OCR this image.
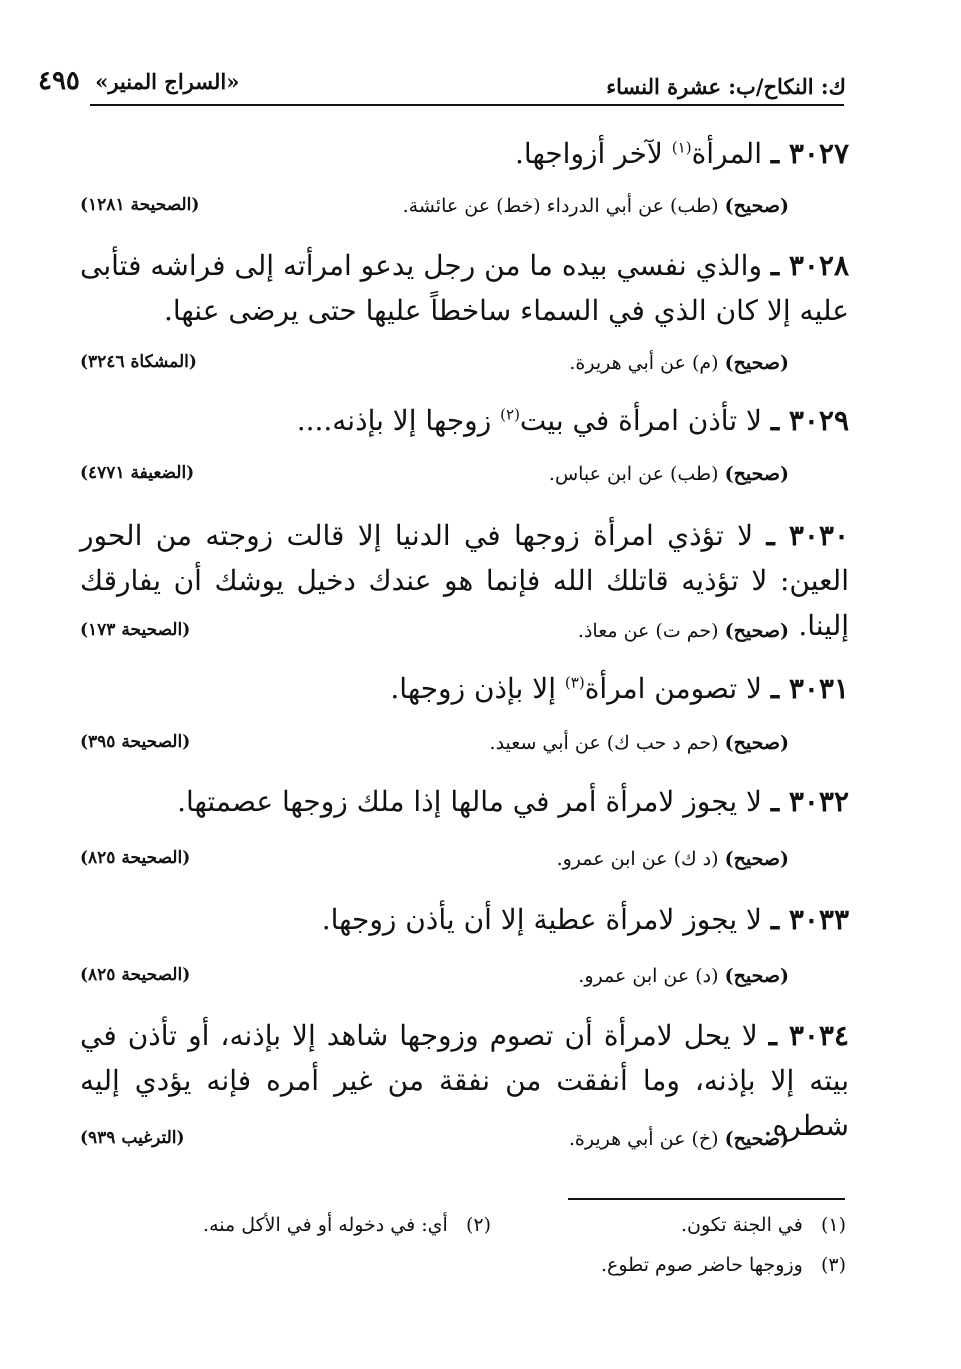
ك: النكاح/ب: عشرة النساء
«السراج المنير» ٤٩٥
٣٠٢٧ ـ المرأة$^{(١)}$ لآخر أزواجها.
(صحيح) (طب) عن أبي الدرداء (خط) عن عائشة.
(الصحيحة ١٢٨١)
٣٠٢٨ ـ والذي نفسي بيده ما من رجل يدعو امرأته إلى فراشه فتأبى عليه إلا كان الذي في السماء ساخطاً عليها حتى يرضى عنها.
(صحيح) (م) عن أبي هريرة.
(المشكاة ٣٢٤٦)
٣٠٢٩ ـ لا تأذن امرأة في بيت$^{(٢)}$ زوجها إلا بإذنه....
(صحيح) (طب) عن ابن عباس.
(الضعيفة ٤٧٧١)
٣٠٣٠ ـ لا تؤذي امرأة زوجها في الدنيا إلا قالت زوجته من الحور العين: لا تؤذيه قاتلك الله فإنما هو عندك دخيل يوشك أن يفارقك إلينا.
(صحيح) (حم ت) عن معاذ.
(الصحيحة ١٧٣)
٣٠٣١ ـ لا تصومن امرأة$^{(٣)}$ إلا بإذن زوجها.
(صحيح) (حم د حب ك) عن أبي سعيد.
(الصحيحة ٣٩٥)
٣٠٣٢ ـ لا يجوز لامرأة أمر في مالها إذا ملك زوجها عصمتها.
(صحيح) (د ك) عن ابن عمرو.
(الصحيحة ٨٢٥)
٣٠٣٣ ـ لا يجوز لامرأة عطية إلا أن يأذن زوجها.
(صحيح) (د) عن ابن عمرو.
(الصحيحة ٨٢٥)
٣٠٣٤ ـ لا يحل لامرأة أن تصوم وزوجها شاهد إلا بإذنه، أو تأذن في بيته إلا بإذنه، وما أنفقت من نفقة من غير أمره فإنه يؤدي إليه شطره.
(صحيح) (خ) عن أبي هريرة.
(الترغيب ٩٣٩)
(١)   في الجنة تكون.
(٢)   أي: في دخوله أو في الأكل منه.
(٣)   وزوجها حاضر صوم تطوع.
